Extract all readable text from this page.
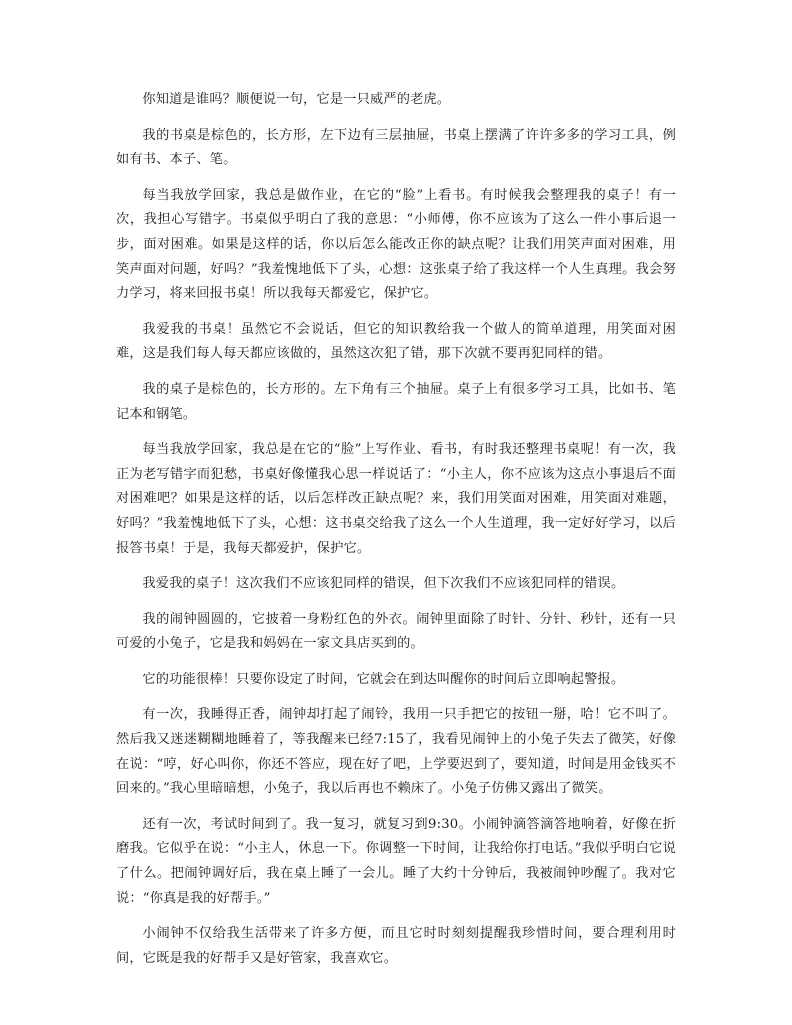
你知道是谁吗？顺便说一句，它是一只威严的老虎。

我的书桌是棕色的，长方形，左下边有三层抽屉，书桌上摆满了许许多多的学习工具，例如有书、本子、笔。

每当我放学回家，我总是做作业，在它的“脸”上看书。有时候我会整理我的桌子！有一次，我担心写错字。书桌似乎明白了我的意思：“小师傅，你不应该为了这么一件小事后退一步，面对困难。如果是这样的话，你以后怎么能改正你的缺点呢？让我们用笑声面对困难，用笑声面对问题，好吗？”我羞愧地低下了头，心想：这张桌子给了我这样一个人生真理。我会努力学习，将来回报书桌！所以我每天都爱它，保护它。

我爱我的书桌！虽然它不会说话，但它的知识教给我一个做人的简单道理，用笑面对困难，这是我们每人每天都应该做的，虽然这次犯了错，那下次就不要再犯同样的错。

我的桌子是棕色的，长方形的。左下角有三个抽屉。桌子上有很多学习工具，比如书、笔记本和钢笔。

每当我放学回家，我总是在它的“脸”上写作业、看书，有时我还整理书桌呢！有一次，我正为老写错字而犯愁，书桌好像懂我心思一样说话了：“小主人，你不应该为这点小事退后不面对困难吧？如果是这样的话，以后怎样改正缺点呢？来，我们用笑面对困难，用笑面对难题，好吗？”我羞愧地低下了头，心想：这书桌交给我了这么一个人生道理，我一定好好学习，以后报答书桌！于是，我每天都爱护，保护它。

我爱我的桌子！这次我们不应该犯同样的错误，但下次我们不应该犯同样的错误。

我的闹钟圆圆的，它披着一身粉红色的外衣。闹钟里面除了时针、分针、秒针，还有一只可爱的小兔子，它是我和妈妈在一家文具店买到的。

它的功能很棒！只要你设定了时间，它就会在到达叫醒你的时间后立即响起警报。

有一次，我睡得正香，闹钟却打起了闹铃，我用一只手把它的按钮一掰，哈！它不叫了。然后我又迷迷糊糊地睡着了，等我醒来已经7:15了，我看见闹钟上的小兔子失去了微笑，好像在说：“哼，好心叫你，你还不答应，现在好了吧，上学要迟到了，要知道，时间是用金钱买不回来的。”我心里暗暗想，小兔子，我以后再也不赖床了。小兔子仿佛又露出了微笑。

还有一次，考试时间到了。我一复习，就复习到9:30。小闹钟滴答滴答地响着，好像在折磨我。它似乎在说：“小主人，休息一下。你调整一下时间，让我给你打电话。”我似乎明白它说了什么。把闹钟调好后，我在桌上睡了一会儿。睡了大约十分钟后，我被闹钟吵醒了。我对它说：“你真是我的好帮手。”

小闹钟不仅给我生活带来了许多方便，而且它时时刻刻提醒我珍惜时间，要合理利用时间，它既是我的好帮手又是好管家，我喜欢它。
